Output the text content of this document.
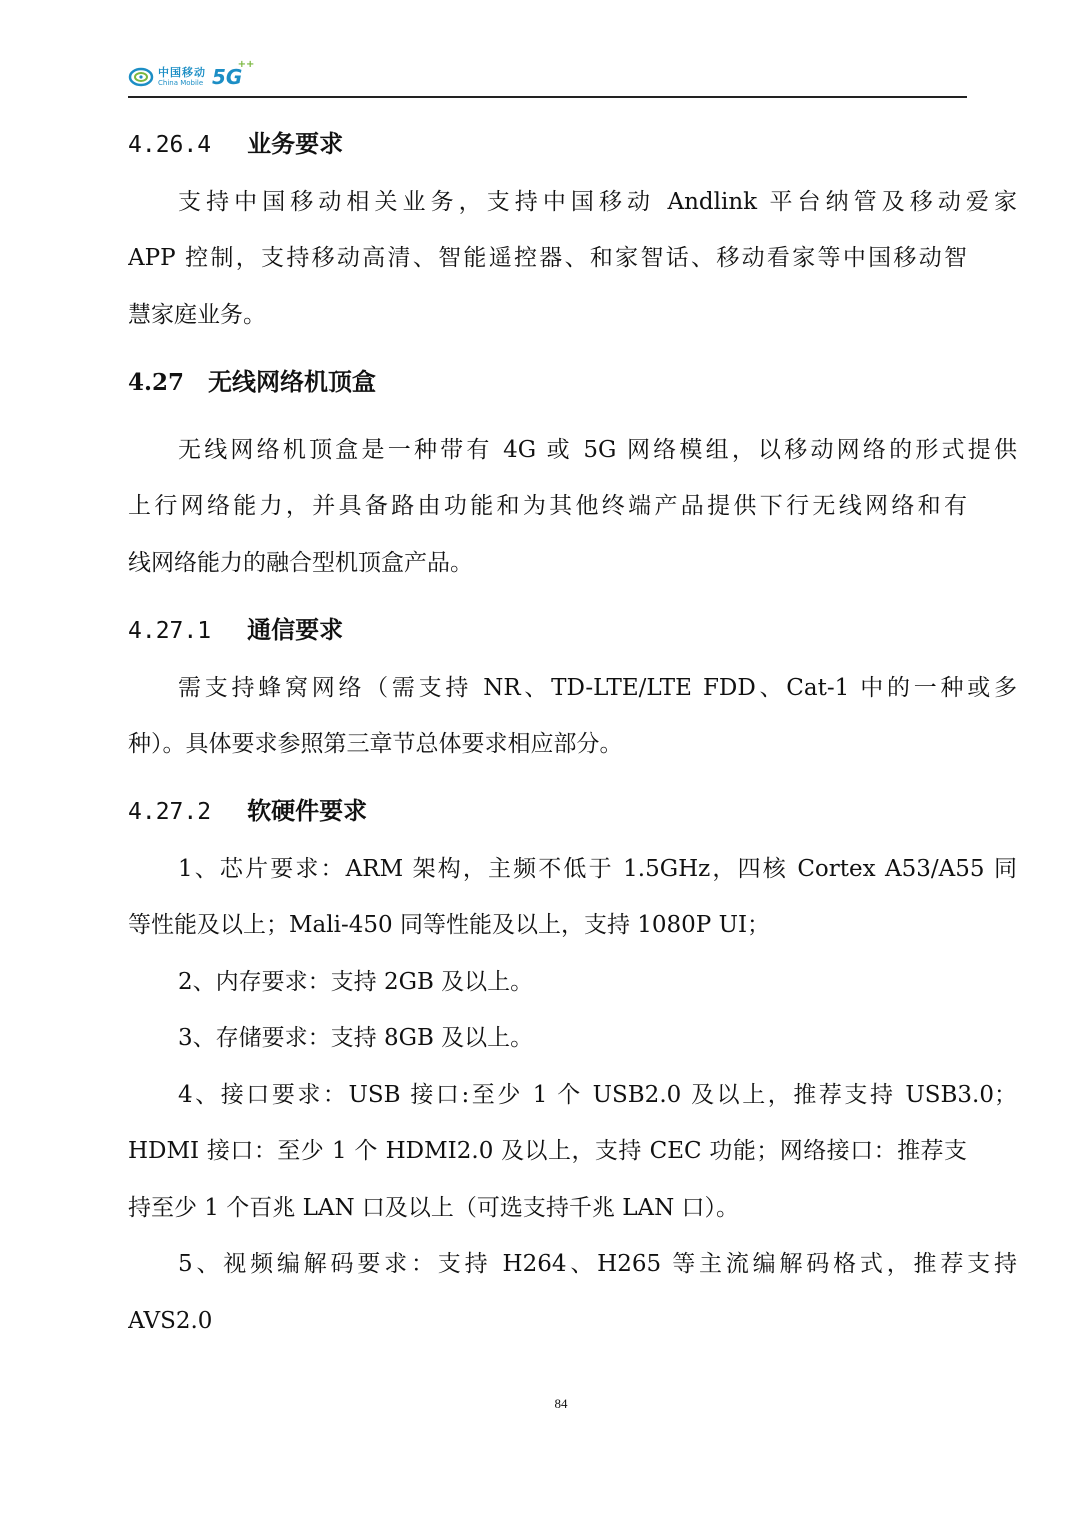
中国移动
China Mobile 5G
++
4.26.4 业务要求
支持中国移动相关业务，支持中国移动 Andlink 平台纳管及移动爱家
APP 控制，支持移动高清、智能遥控器、和家智话、移动看家等中国移动智
慧家庭业务。
4.27 无线网络机顶盒
无线网络机顶盒是一种带有 4G 或 5G 网络模组，以移动网络的形式提供
上行网络能力，并具备路由功能和为其他终端产品提供下行无线网络和有
线网络能力的融合型机顶盒产品。
4.27.1 通信要求
需支持蜂窝网络（需支持 NR、TD-LTE/LTE FDD、Cat-1 中的一种或多
种）。具体要求参照第三章节总体要求相应部分。
4.27.2 软硬件要求
1、芯片要求：ARM 架构，主频不低于 1.5GHz，四核 Cortex A53/A55 同
等性能及以上；Mali-450 同等性能及以上，支持 1080P UI；
2、内存要求：支持 2GB 及以上。
3、存储要求：支持 8GB 及以上。
4、接口要求：USB 接口:至少 1 个 USB2.0 及以上，推荐支持 USB3.0；
HDMI 接口：至少 1 个 HDMI2.0 及以上，支持 CEC 功能；网络接口：推荐支
持至少 1 个百兆 LAN 口及以上（可选支持千兆 LAN 口）。
5、视频编解码要求：支持 H264、H265 等主流编解码格式，推荐支持
AVS2.0
84
